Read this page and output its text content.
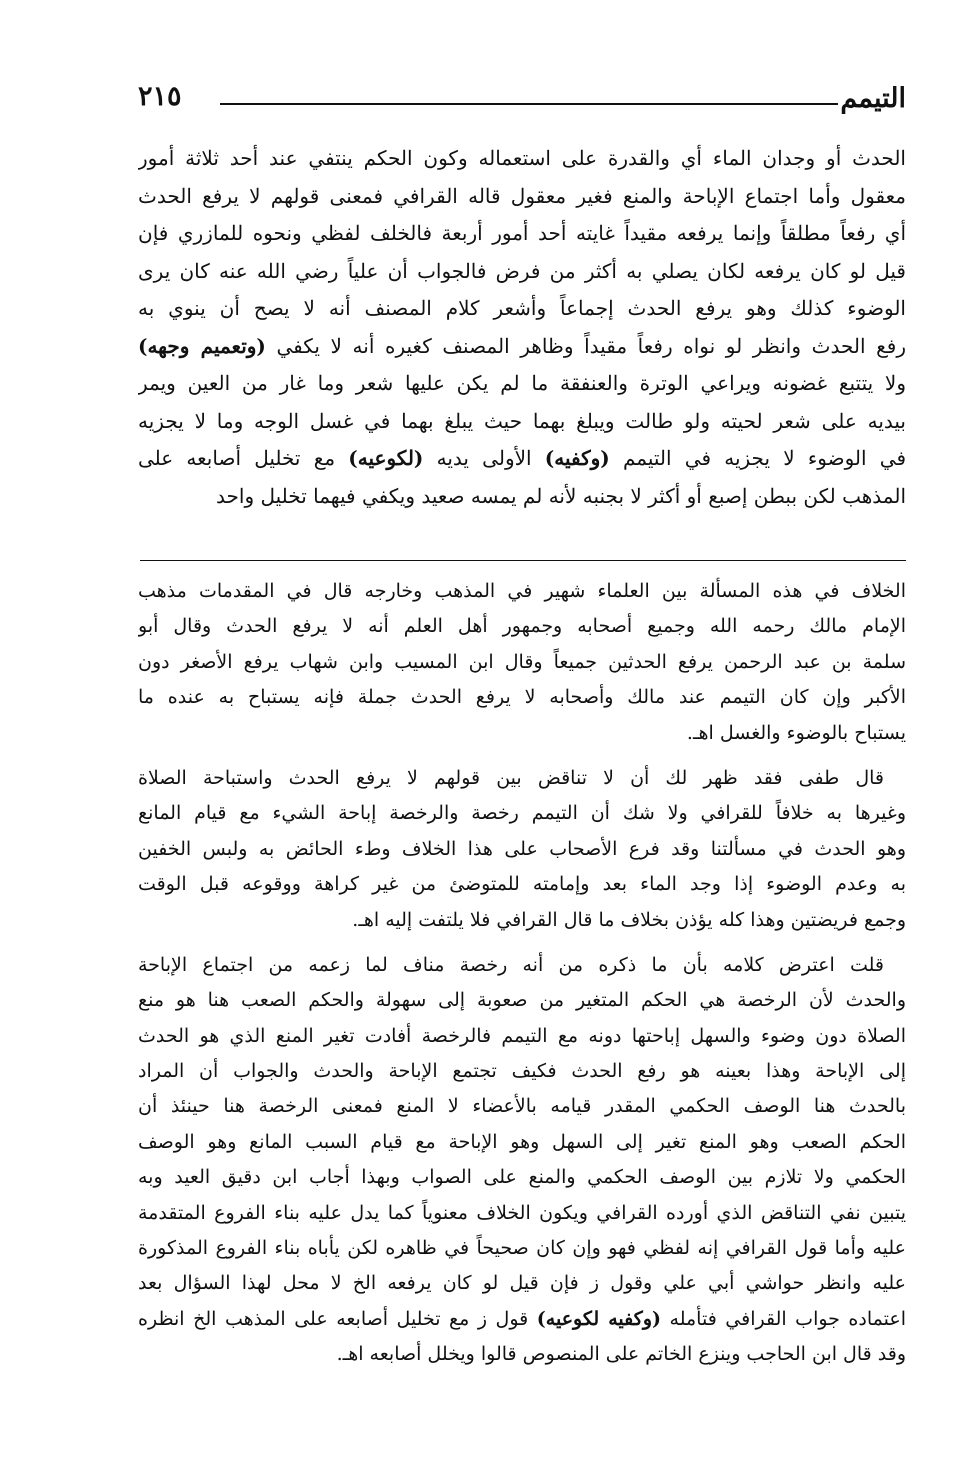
التيمم
٢١٥
الحدث أو وجدان الماء أي والقدرة على استعماله وكون الحكم ينتفي عند أحد ثلاثة أمور
معقول وأما اجتماع الإباحة والمنع فغير معقول قاله القرافي فمعنى قولهم لا يرفع الحدث
أي رفعاً مطلقاً وإنما يرفعه مقيداً غايته أحد أمور أربعة فالخلف لفظي ونحوه للمازري فإن
قيل لو كان يرفعه لكان يصلي به أكثر من فرض فالجواب أن علياً رضي الله عنه كان يرى
الوضوء كذلك وهو يرفع الحدث إجماعاً وأشعر كلام المصنف أنه لا يصح أن ينوي به
رفع الحدث وانظر لو نواه رفعاً مقيداً وظاهر المصنف كغيره أنه لا يكفي (وتعميم وجهه)
ولا يتتبع غضونه ويراعي الوترة والعنفقة ما لم يكن عليها شعر وما غار من العين ويمر
بيديه على شعر لحيته ولو طالت ويبلغ بهما حيث يبلغ بهما في غسل الوجه وما لا يجزيه
في الوضوء لا يجزيه في التيمم (وكفيه) الأولى يديه (لكوعيه) مع تخليل أصابعه على
المذهب لكن ببطن إصبع أو أكثر لا بجنبه لأنه لم يمسه صعيد ويكفي فيهما تخليل واحد
الخلاف في هذه المسألة بين العلماء شهير في المذهب وخارجه قال في المقدمات مذهب
الإمام مالك رحمه الله وجميع أصحابه وجمهور أهل العلم أنه لا يرفع الحدث وقال أبو
سلمة بن عبد الرحمن يرفع الحدثين جميعاً وقال ابن المسيب وابن شهاب يرفع الأصغر دون
الأكبر وإن كان التيمم عند مالك وأصحابه لا يرفع الحدث جملة فإنه يستباح به عنده ما
يستباح بالوضوء والغسل اهـ.
قال طفى فقد ظهر لك أن لا تناقض بين قولهم لا يرفع الحدث واستباحة الصلاة
وغيرها به خلافاً للقرافي ولا شك أن التيمم رخصة والرخصة إباحة الشيء مع قيام المانع
وهو الحدث في مسألتنا وقد فرع الأصحاب على هذا الخلاف وطء الحائض به ولبس الخفين
به وعدم الوضوء إذا وجد الماء بعد وإمامته للمتوضئ من غير كراهة ووقوعه قبل الوقت
وجمع فريضتين وهذا كله يؤذن بخلاف ما قال القرافي فلا يلتفت إليه اهـ.
قلت اعترض كلامه بأن ما ذكره من أنه رخصة مناف لما زعمه من اجتماع الإباحة
والحدث لأن الرخصة هي الحكم المتغير من صعوبة إلى سهولة والحكم الصعب هنا هو منع
الصلاة دون وضوء والسهل إباحتها دونه مع التيمم فالرخصة أفادت تغير المنع الذي هو الحدث
إلى الإباحة وهذا بعينه هو رفع الحدث فكيف تجتمع الإباحة والحدث والجواب أن المراد
بالحدث هنا الوصف الحكمي المقدر قيامه بالأعضاء لا المنع فمعنى الرخصة هنا حينئذ أن
الحكم الصعب وهو المنع تغير إلى السهل وهو الإباحة مع قيام السبب المانع وهو الوصف
الحكمي ولا تلازم بين الوصف الحكمي والمنع على الصواب وبهذا أجاب ابن دقيق العيد وبه
يتبين نفي التناقض الذي أورده القرافي ويكون الخلاف معنوياً كما يدل عليه بناء الفروع المتقدمة
عليه وأما قول القرافي إنه لفظي فهو وإن كان صحيحاً في ظاهره لكن يأباه بناء الفروع المذكورة
عليه وانظر حواشي أبي علي وقول ز فإن قيل لو كان يرفعه الخ لا محل لهذا السؤال بعد
اعتماده جواب القرافي فتأمله (وكفيه لكوعيه) قول ز مع تخليل أصابعه على المذهب الخ انظره
وقد قال ابن الحاجب وينزع الخاتم على المنصوص قالوا ويخلل أصابعه اهـ.
